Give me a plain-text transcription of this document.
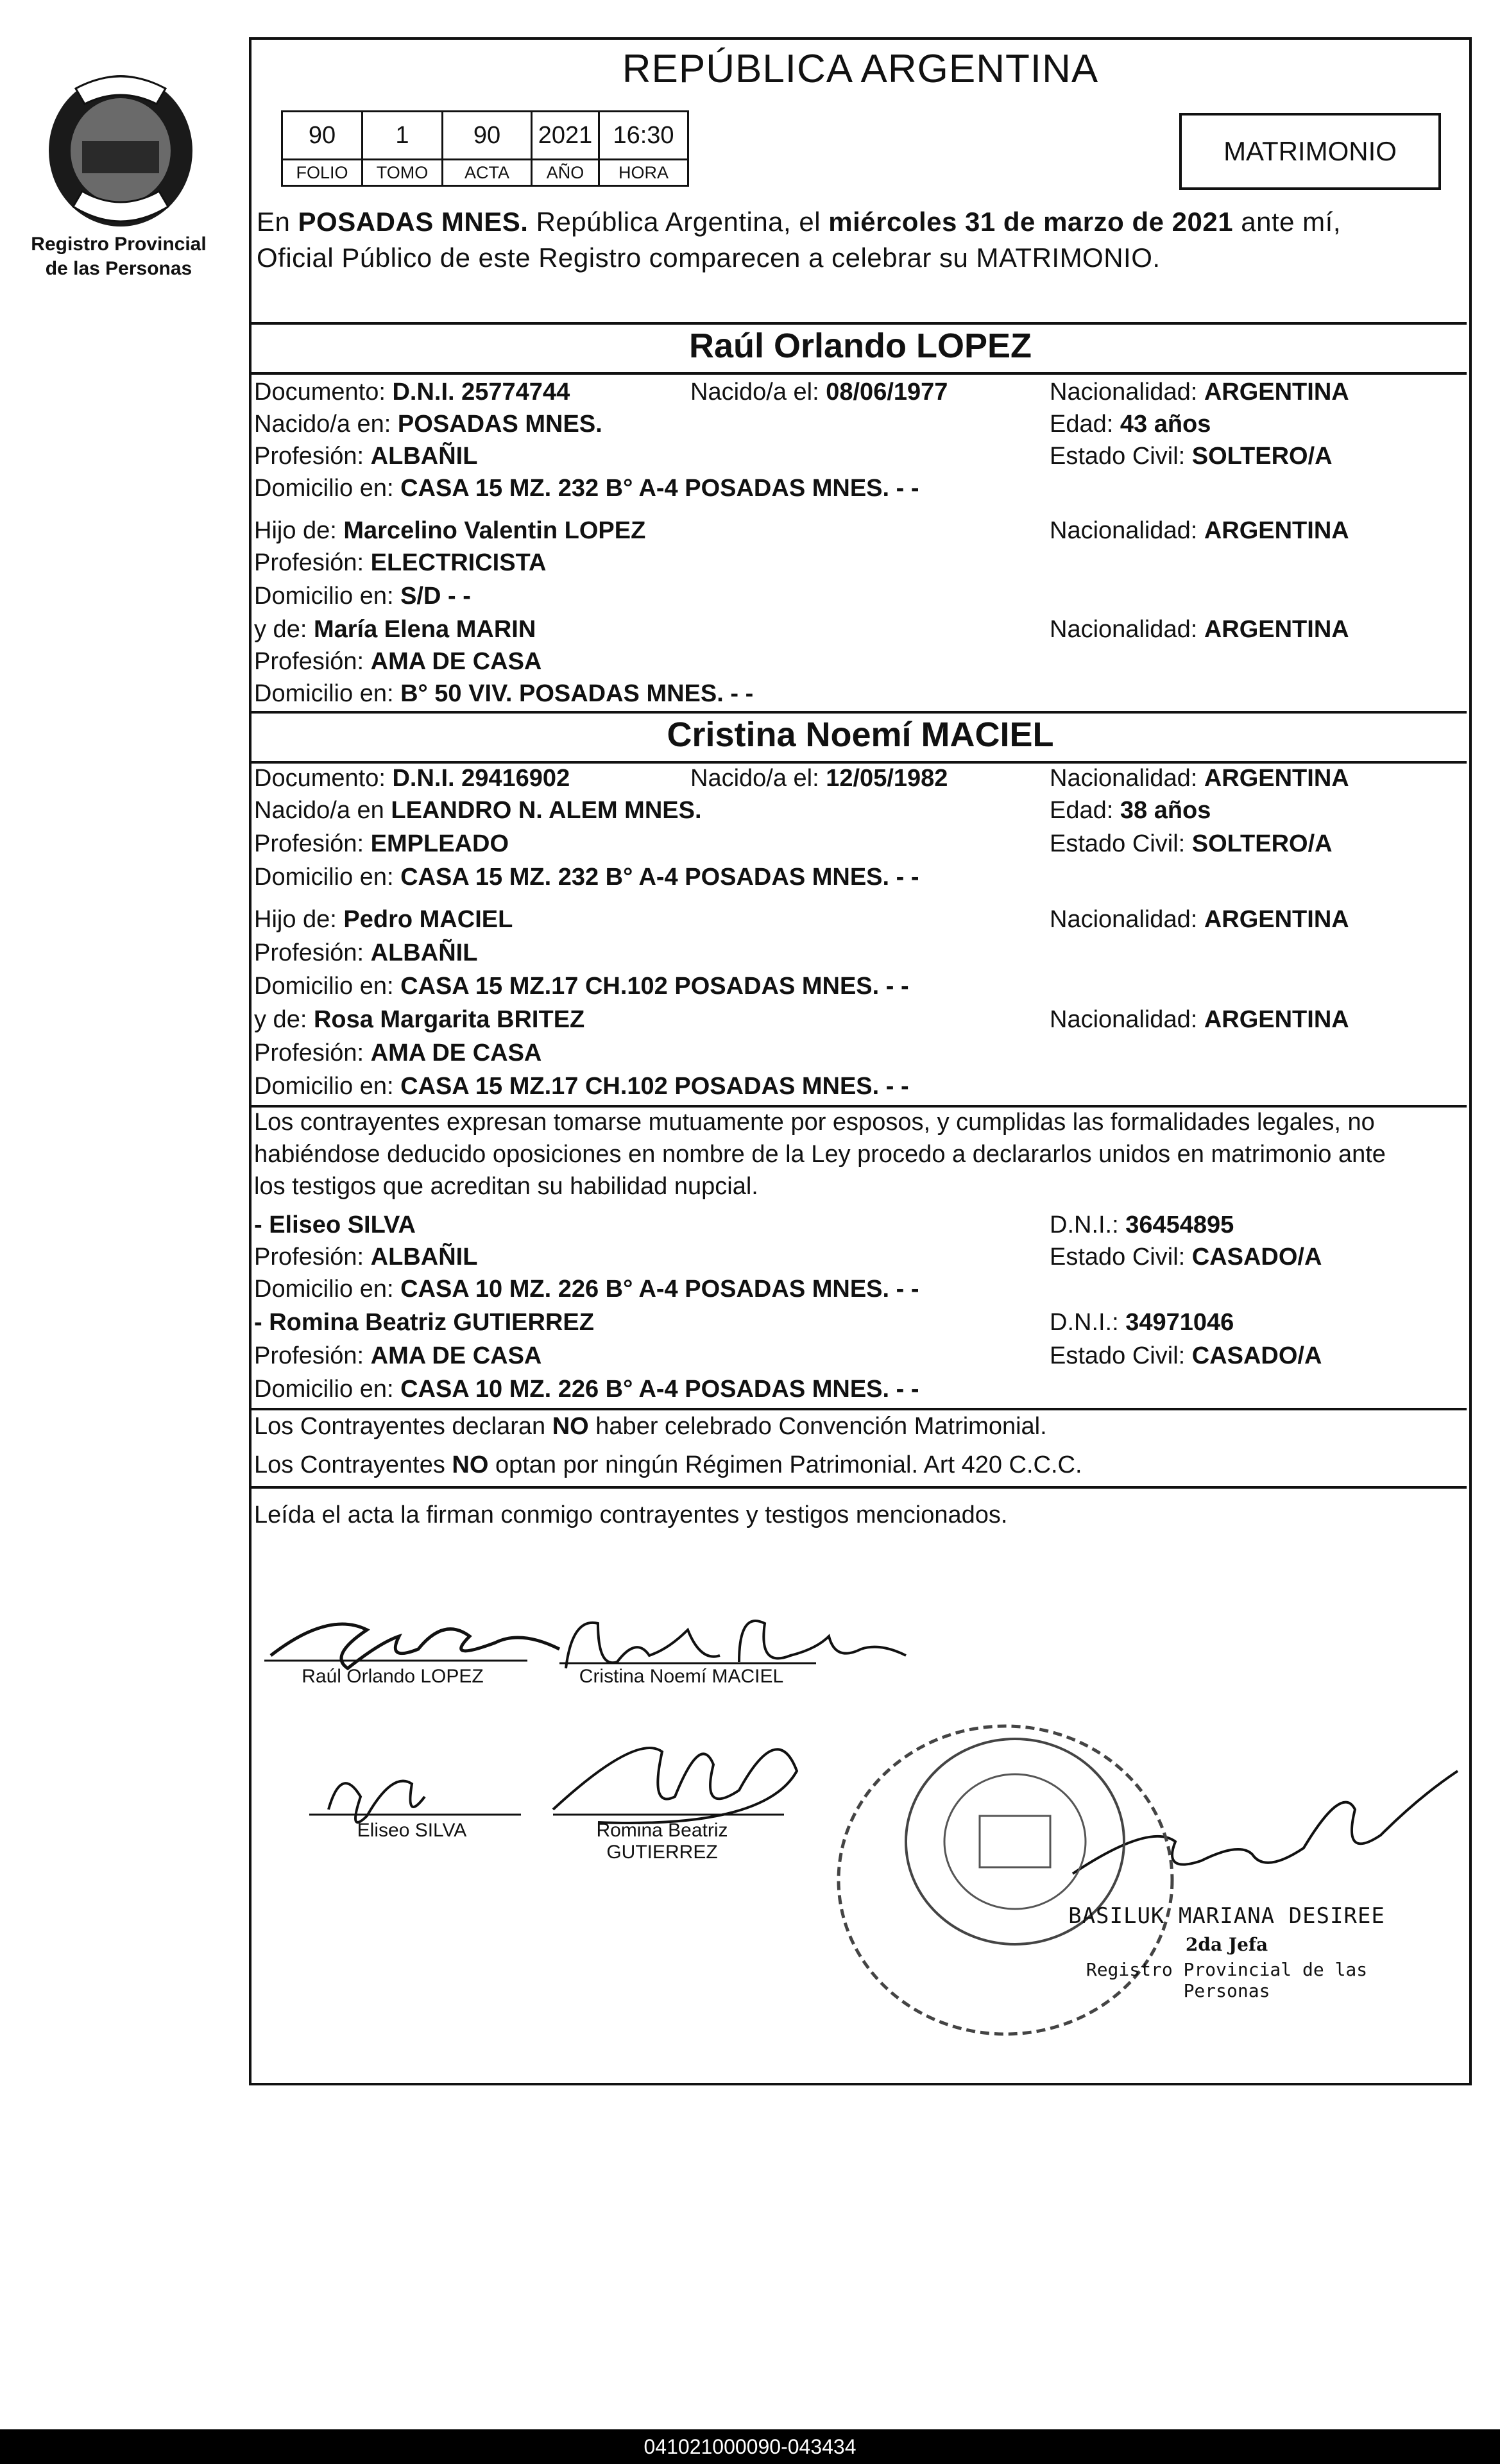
Registro Provincial
de las Personas
REPÚBLICA ARGENTINA
90	1	90	2021	16:30
FOLIO	TOMO	ACTA	AÑO	HORA
MATRIMONIO
En POSADAS MNES. República Argentina, el miércoles 31 de marzo de 2021 ante mí,
Oficial Público de este Registro comparecen a celebrar su MATRIMONIO.
Raúl Orlando LOPEZ
Documento: D.N.I. 25774744	Nacido/a el: 08/06/1977	Nacionalidad: ARGENTINA
Nacido/a en: POSADAS MNES.	Edad: 43 años
Profesión: ALBAÑIL	Estado Civil: SOLTERO/A
Domicilio en: CASA 15 MZ. 232 B° A-4 POSADAS MNES. - -
Hijo de: Marcelino Valentin LOPEZ	Nacionalidad: ARGENTINA
Profesión: ELECTRICISTA
Domicilio en: S/D - -
y de: María Elena MARIN	Nacionalidad: ARGENTINA
Profesión: AMA DE CASA
Domicilio en: B° 50 VIV. POSADAS MNES. - -
Cristina Noemí MACIEL
Documento: D.N.I. 29416902	Nacido/a el: 12/05/1982	Nacionalidad: ARGENTINA
Nacido/a en LEANDRO N. ALEM MNES.	Edad: 38 años
Profesión: EMPLEADO	Estado Civil: SOLTERO/A
Domicilio en: CASA 15 MZ. 232 B° A-4 POSADAS MNES. - -
Hijo de: Pedro MACIEL	Nacionalidad: ARGENTINA
Profesión: ALBAÑIL
Domicilio en: CASA 15 MZ.17 CH.102 POSADAS MNES. - -
y de: Rosa Margarita BRITEZ	Nacionalidad: ARGENTINA
Profesión: AMA DE CASA
Domicilio en: CASA 15 MZ.17 CH.102 POSADAS MNES. - -
Los contrayentes expresan tomarse mutuamente por esposos, y cumplidas las formalidades legales, no
habiéndose deducido oposiciones en nombre de la Ley procedo a declararlos unidos en matrimonio ante
los testigos que acreditan su habilidad nupcial.
- Eliseo SILVA	D.N.I.: 36454895
Profesión: ALBAÑIL	Estado Civil: CASADO/A
Domicilio en: CASA 10 MZ. 226 B° A-4 POSADAS MNES. - -
- Romina Beatriz GUTIERREZ	D.N.I.: 34971046
Profesión: AMA DE CASA	Estado Civil: CASADO/A
Domicilio en: CASA 10 MZ. 226 B° A-4 POSADAS MNES. - -
Los Contrayentes declaran NO haber celebrado Convención Matrimonial.
Los Contrayentes NO optan por ningún Régimen Patrimonial. Art 420 C.C.C.
Leída el acta la firman conmigo contrayentes y testigos mencionados.
Raúl Orlando LOPEZ	Cristina Noemí MACIEL
Eliseo SILVA	Romina Beatriz
GUTIERREZ
BASILUK MARIANA DESIREE
2da Jefa
Registro Provincial de las Personas
041021000090-043434
